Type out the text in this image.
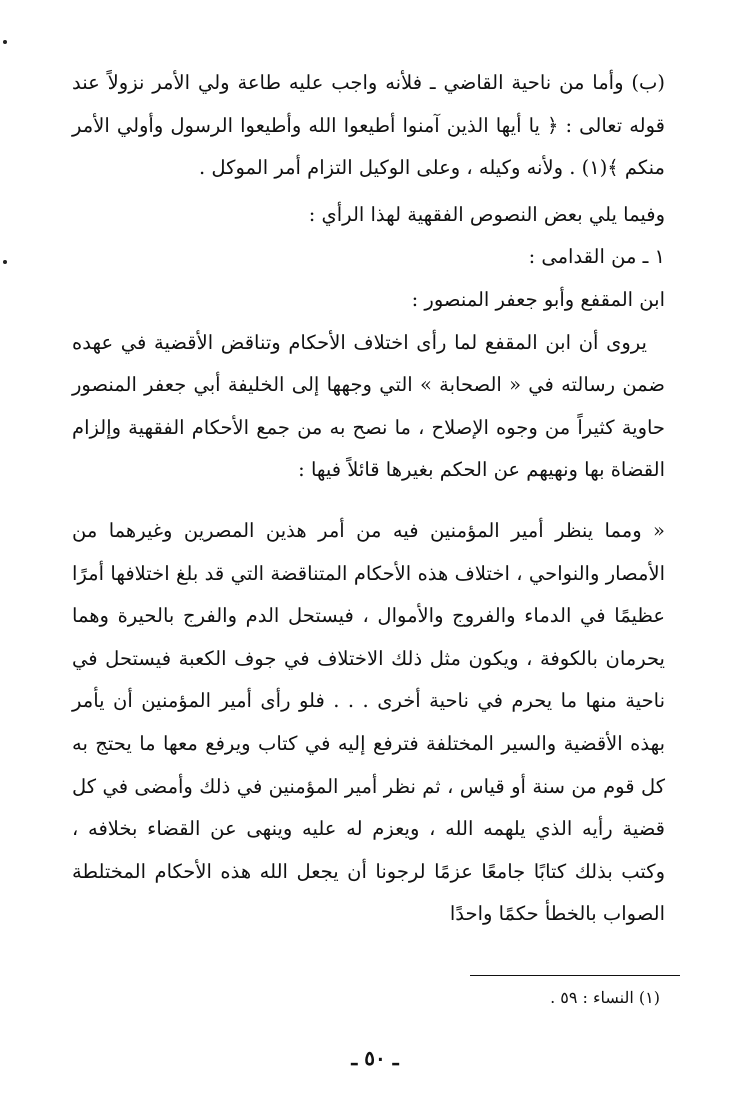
(ب) وأما من ناحية القاضي ـ فلأنه واجب عليه طاعة ولي الأمر نزولاً عند قوله تعالى : ﴿ يا أيها الذين آمنوا أطيعوا الله وأطيعوا الرسول وأولي الأمر منكم ﴾(١) . ولأنه وكيله ، وعلى الوكيل التزام أمر الموكل .

وفيما يلي بعض النصوص الفقهية لهذا الرأي :

١ ـ من القدامى :

ابن المقفع وأبو جعفر المنصور :

يروى أن ابن المقفع لما رأى اختلاف الأحكام وتناقض الأقضية في عهده ضمن رسالته في « الصحابة » التي وجهها إلى الخليفة أبي جعفر المنصور حاوية كثيراً من وجوه الإصلاح ، ما نصح به من جمع الأحكام الفقهية وإلزام القضاة بها ونهيهم عن الحكم بغيرها قائلاً فيها :

« ومما ينظر أمير المؤمنين فيه من أمر هذين المصرين وغيرهما من الأمصار والنواحي ، اختلاف هذه الأحكام المتناقضة التي قد بلغ اختلافها أمرًا عظيمًا في الدماء والفروج والأموال ، فيستحل الدم والفرج بالحيرة وهما يحرمان بالكوفة ، ويكون مثل ذلك الاختلاف في جوف الكعبة فيستحل في ناحية منها ما يحرم في ناحية أخرى . . . فلو رأى أمير المؤمنين أن يأمر بهذه الأقضية والسير المختلفة فترفع إليه في كتاب ويرفع معها ما يحتج به كل قوم من سنة أو قياس ، ثم نظر أمير المؤمنين في ذلك وأمضى في كل قضية رأيه الذي يلهمه الله ، ويعزم له عليه وينهى عن القضاء بخلافه ، وكتب بذلك كتابًا جامعًا عزمًا لرجونا أن يجعل الله هذه الأحكام المختلطة الصواب بالخطأ حكمًا واحدًا

(١) النساء : ٥٩ .
ـ ٥٠ ـ
